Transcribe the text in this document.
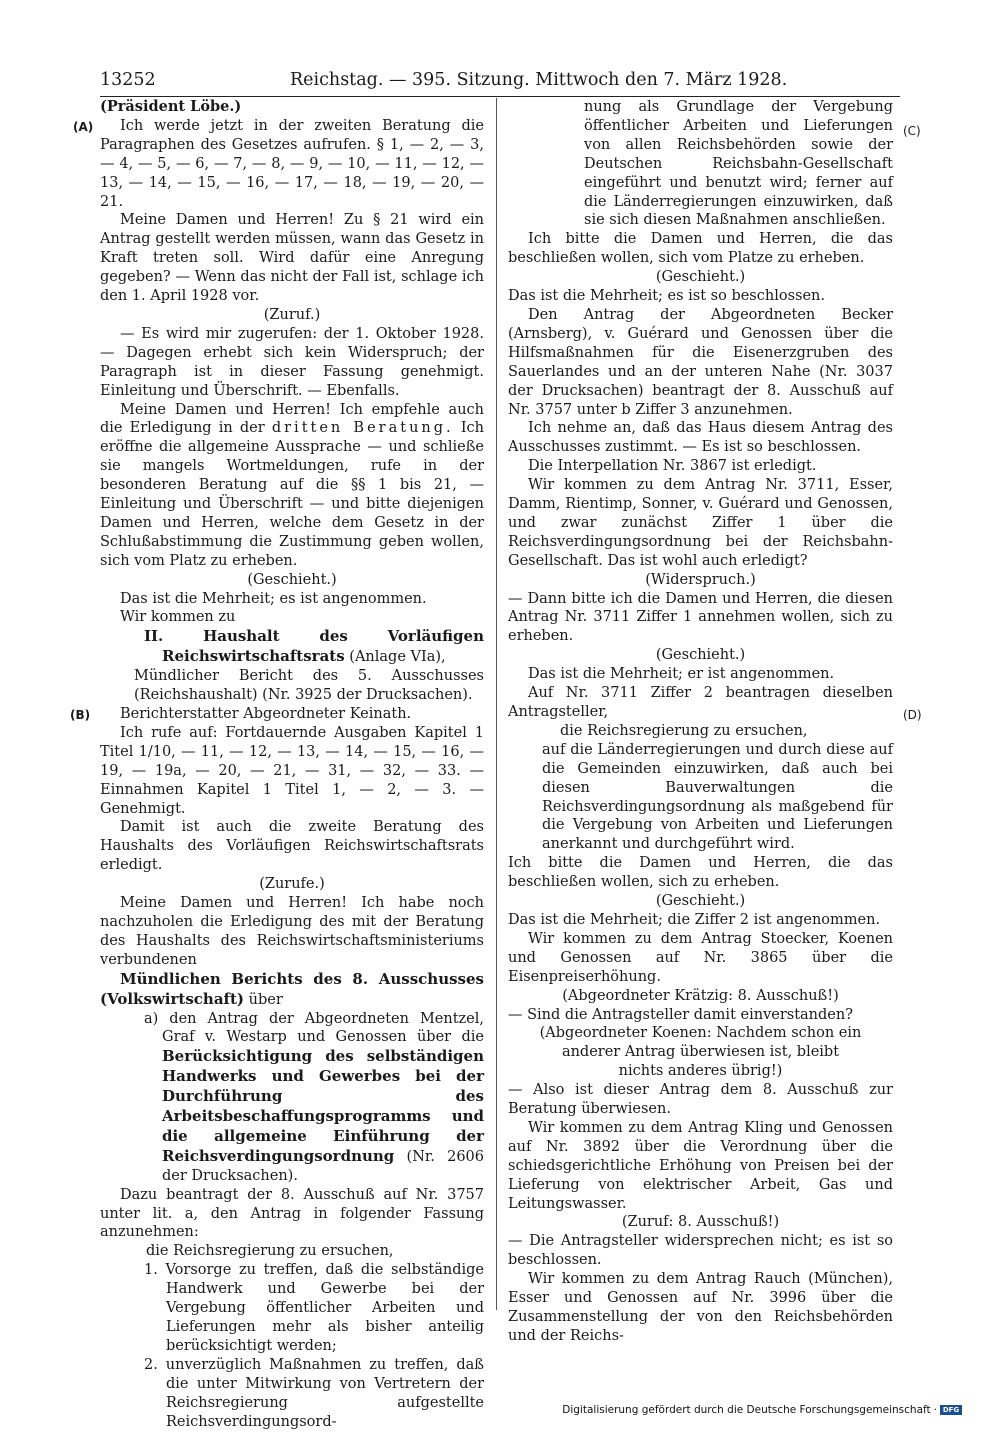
13252	Reichstag. — 395. Sitzung. Mittwoch den 7. März 1928.
(A)
(B)
(C)
(D)

(Präsident Löbe.)

Ich werde jetzt in der zweiten Beratung die Paragraphen des Gesetzes aufrufen. § 1, — 2, — 3, — 4, — 5, — 6, — 7, — 8, — 9, — 10, — 11, — 12, — 13, — 14, — 15, — 16, — 17, — 18, — 19, — 20, — 21.

Meine Damen und Herren! Zu § 21 wird ein Antrag gestellt werden müssen, wann das Gesetz in Kraft treten soll. Wird dafür eine Anregung gegeben? — Wenn das nicht der Fall ist, schlage ich den 1. April 1928 vor.

(Zuruf.)

— Es wird mir zugerufen: der 1. Oktober 1928. — Dagegen erhebt sich kein Widerspruch; der Paragraph ist in dieser Fassung genehmigt. Einleitung und Überschrift. — Ebenfalls.

Meine Damen und Herren! Ich empfehle auch die Erledigung in der dritten Beratung. Ich eröffne die allgemeine Aussprache — und schließe sie mangels Wortmeldungen, rufe in der besonderen Beratung auf die §§ 1 bis 21, — Einleitung und Überschrift — und bitte diejenigen Damen und Herren, welche dem Gesetz in der Schlußabstimmung die Zustimmung geben wollen, sich vom Platz zu erheben.

(Geschieht.)

Das ist die Mehrheit; es ist angenommen.

Wir kommen zu

II. Haushalt des Vorläufigen Reichswirtschaftsrats (Anlage VIa),

Mündlicher Bericht des 5. Ausschusses (Reichshaushalt) (Nr. 3925 der Drucksachen).

Berichterstatter Abgeordneter Keinath.

Ich rufe auf: Fortdauernde Ausgaben Kapitel 1 Titel 1/10, — 11, — 12, — 13, — 14, — 15, — 16, — 19, — 19a, — 20, — 21, — 31, — 32, — 33. — Einnahmen Kapitel 1 Titel 1, — 2, — 3. — Genehmigt.

Damit ist auch die zweite Beratung des Haushalts des Vorläufigen Reichswirtschaftsrats erledigt.

(Zurufe.)

Meine Damen und Herren! Ich habe noch nachzuholen die Erledigung des mit der Beratung des Haushalts des Reichswirtschaftsministeriums verbundenen

Mündlichen Berichts des 8. Ausschusses (Volkswirtschaft) über

a) den Antrag der Abgeordneten Mentzel, Graf v. Westarp und Genossen über die Berücksichtigung des selbständigen Handwerks und Gewerbes bei der Durchführung des Arbeitsbeschaffungsprogramms und die allgemeine Einführung der Reichsverdingungsordnung (Nr. 2606 der Drucksachen).

Dazu beantragt der 8. Ausschuß auf Nr. 3757 unter lit. a, den Antrag in folgender Fassung anzunehmen:

die Reichsregierung zu ersuchen,

1. Vorsorge zu treffen, daß die selbständige Handwerk und Gewerbe bei der Vergebung öffentlicher Arbeiten und Lieferungen mehr als bisher anteilig berücksichtigt werden;

2. unverzüglich Maßnahmen zu treffen, daß die unter Mitwirkung von Vertretern der Reichsregierung aufgestellte Reichsverdingungsord-

nung als Grundlage der Vergebung öffentlicher Arbeiten und Lieferungen von allen Reichsbehörden sowie der Deutschen Reichsbahn-Gesellschaft eingeführt und benutzt wird; ferner auf die Länderregierungen einzuwirken, daß sie sich diesen Maßnahmen anschließen.

Ich bitte die Damen und Herren, die das beschließen wollen, sich vom Platze zu erheben.

(Geschieht.)

Das ist die Mehrheit; es ist so beschlossen.

Den Antrag der Abgeordneten Becker (Arnsberg), v. Guérard und Genossen über die Hilfsmaßnahmen für die Eisenerzgruben des Sauerlandes und an der unteren Nahe (Nr. 3037 der Drucksachen) beantragt der 8. Ausschuß auf Nr. 3757 unter b Ziffer 3 anzunehmen.

Ich nehme an, daß das Haus diesem Antrag des Ausschusses zustimmt. — Es ist so beschlossen.

Die Interpellation Nr. 3867 ist erledigt.

Wir kommen zu dem Antrag Nr. 3711, Esser, Damm, Rientimp, Sonner, v. Guérard und Genossen, und zwar zunächst Ziffer 1 über die Reichsverdingungsordnung bei der Reichsbahn-Gesellschaft. Das ist wohl auch erledigt?

(Widerspruch.)

— Dann bitte ich die Damen und Herren, die diesen Antrag Nr. 3711 Ziffer 1 annehmen wollen, sich zu erheben.

(Geschieht.)

Das ist die Mehrheit; er ist angenommen.

Auf Nr. 3711 Ziffer 2 beantragen dieselben Antragsteller,

die Reichsregierung zu ersuchen,

auf die Länderregierungen und durch diese auf die Gemeinden einzuwirken, daß auch bei diesen Bauverwaltungen die Reichsverdingungsordnung als maßgebend für die Vergebung von Arbeiten und Lieferungen anerkannt und durchgeführt wird.

Ich bitte die Damen und Herren, die das beschließen wollen, sich zu erheben.

(Geschieht.)

Das ist die Mehrheit; die Ziffer 2 ist angenommen.

Wir kommen zu dem Antrag Stoecker, Koenen und Genossen auf Nr. 3865 über die Eisenpreiserhöhung.

(Abgeordneter Krätzig: 8. Ausschuß!)

— Sind die Antragsteller damit einverstanden?

(Abgeordneter Koenen: Nachdem schon ein

anderer Antrag überwiesen ist, bleibt

nichts anderes übrig!)

— Also ist dieser Antrag dem 8. Ausschuß zur Beratung überwiesen.

Wir kommen zu dem Antrag Kling und Genossen auf Nr. 3892 über die Verordnung über die schiedsgerichtliche Erhöhung von Preisen bei der Lieferung von elektrischer Arbeit, Gas und Leitungswasser.

(Zuruf: 8. Ausschuß!)

— Die Antragsteller widersprechen nicht; es ist so beschlossen.

Wir kommen zu dem Antrag Rauch (München), Esser und Genossen auf Nr. 3996 über die Zusammenstellung der von den Reichsbehörden und der Reichs-

Digitalisierung gefördert durch die Deutsche Forschungsgemeinschaft · DFG
